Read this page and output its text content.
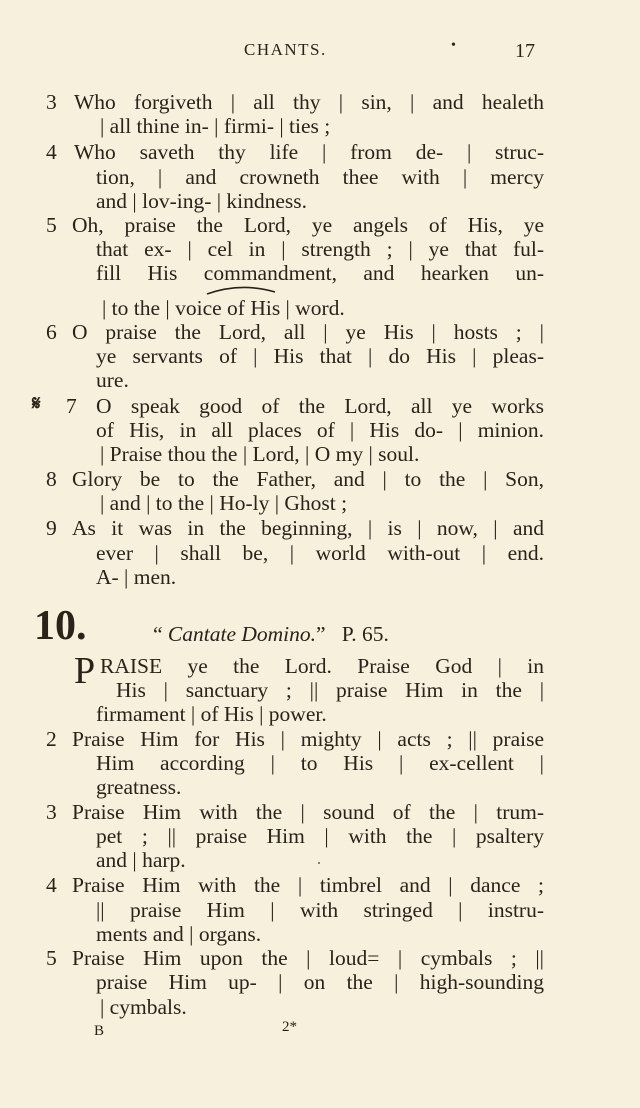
CHANTS.	•	17
3 Who forgiveth | all thy | sin, | and healeth
| all thine in- | firmi- | ties ;
4 Who saveth thy life | from de- | struc-
tion, | and crowneth thee with | mercy
and | lov-ing- | kindness.
5 Oh, praise the Lord, ye angels of His, ye
that ex- | cel in | strength ; | ye that ful-
fill His commandment, and hearken un-
| to the | voice of His | word.
6 O praise the Lord, all | ye His | hosts ; |
ye servants of | His that | do His | pleas-
ure.
𝄋 7 O speak good of the Lord, all ye works
of His, in all places of | His do- | minion.
| Praise thou the | Lord, | O my | soul.
8 Glory be to the Father, and | to the | Son,
| and | to the | Ho-ly | Ghost ;
9 As it was in the beginning, | is | now, | and
ever | shall be, | world with-out | end.
A- | men.
10.	“ Cantate Domino.” P. 65.
P RAISE ye the Lord. Praise God | in
His | sanctuary ; || praise Him in the |
firmament | of His | power.
2 Praise Him for His | mighty | acts ; || praise
Him according | to His | ex-cellent |
greatness.
3 Praise Him with the | sound of the | trum-
pet ; || praise Him | with the | psaltery
and | harp.
4 Praise Him with the | timbrel and | dance ;
|| praise Him | with stringed | instru-
ments and | organs.
5 Praise Him upon the | loud= | cymbals ; ||
praise Him up- | on the | high-sounding
| cymbals.
B	2*
